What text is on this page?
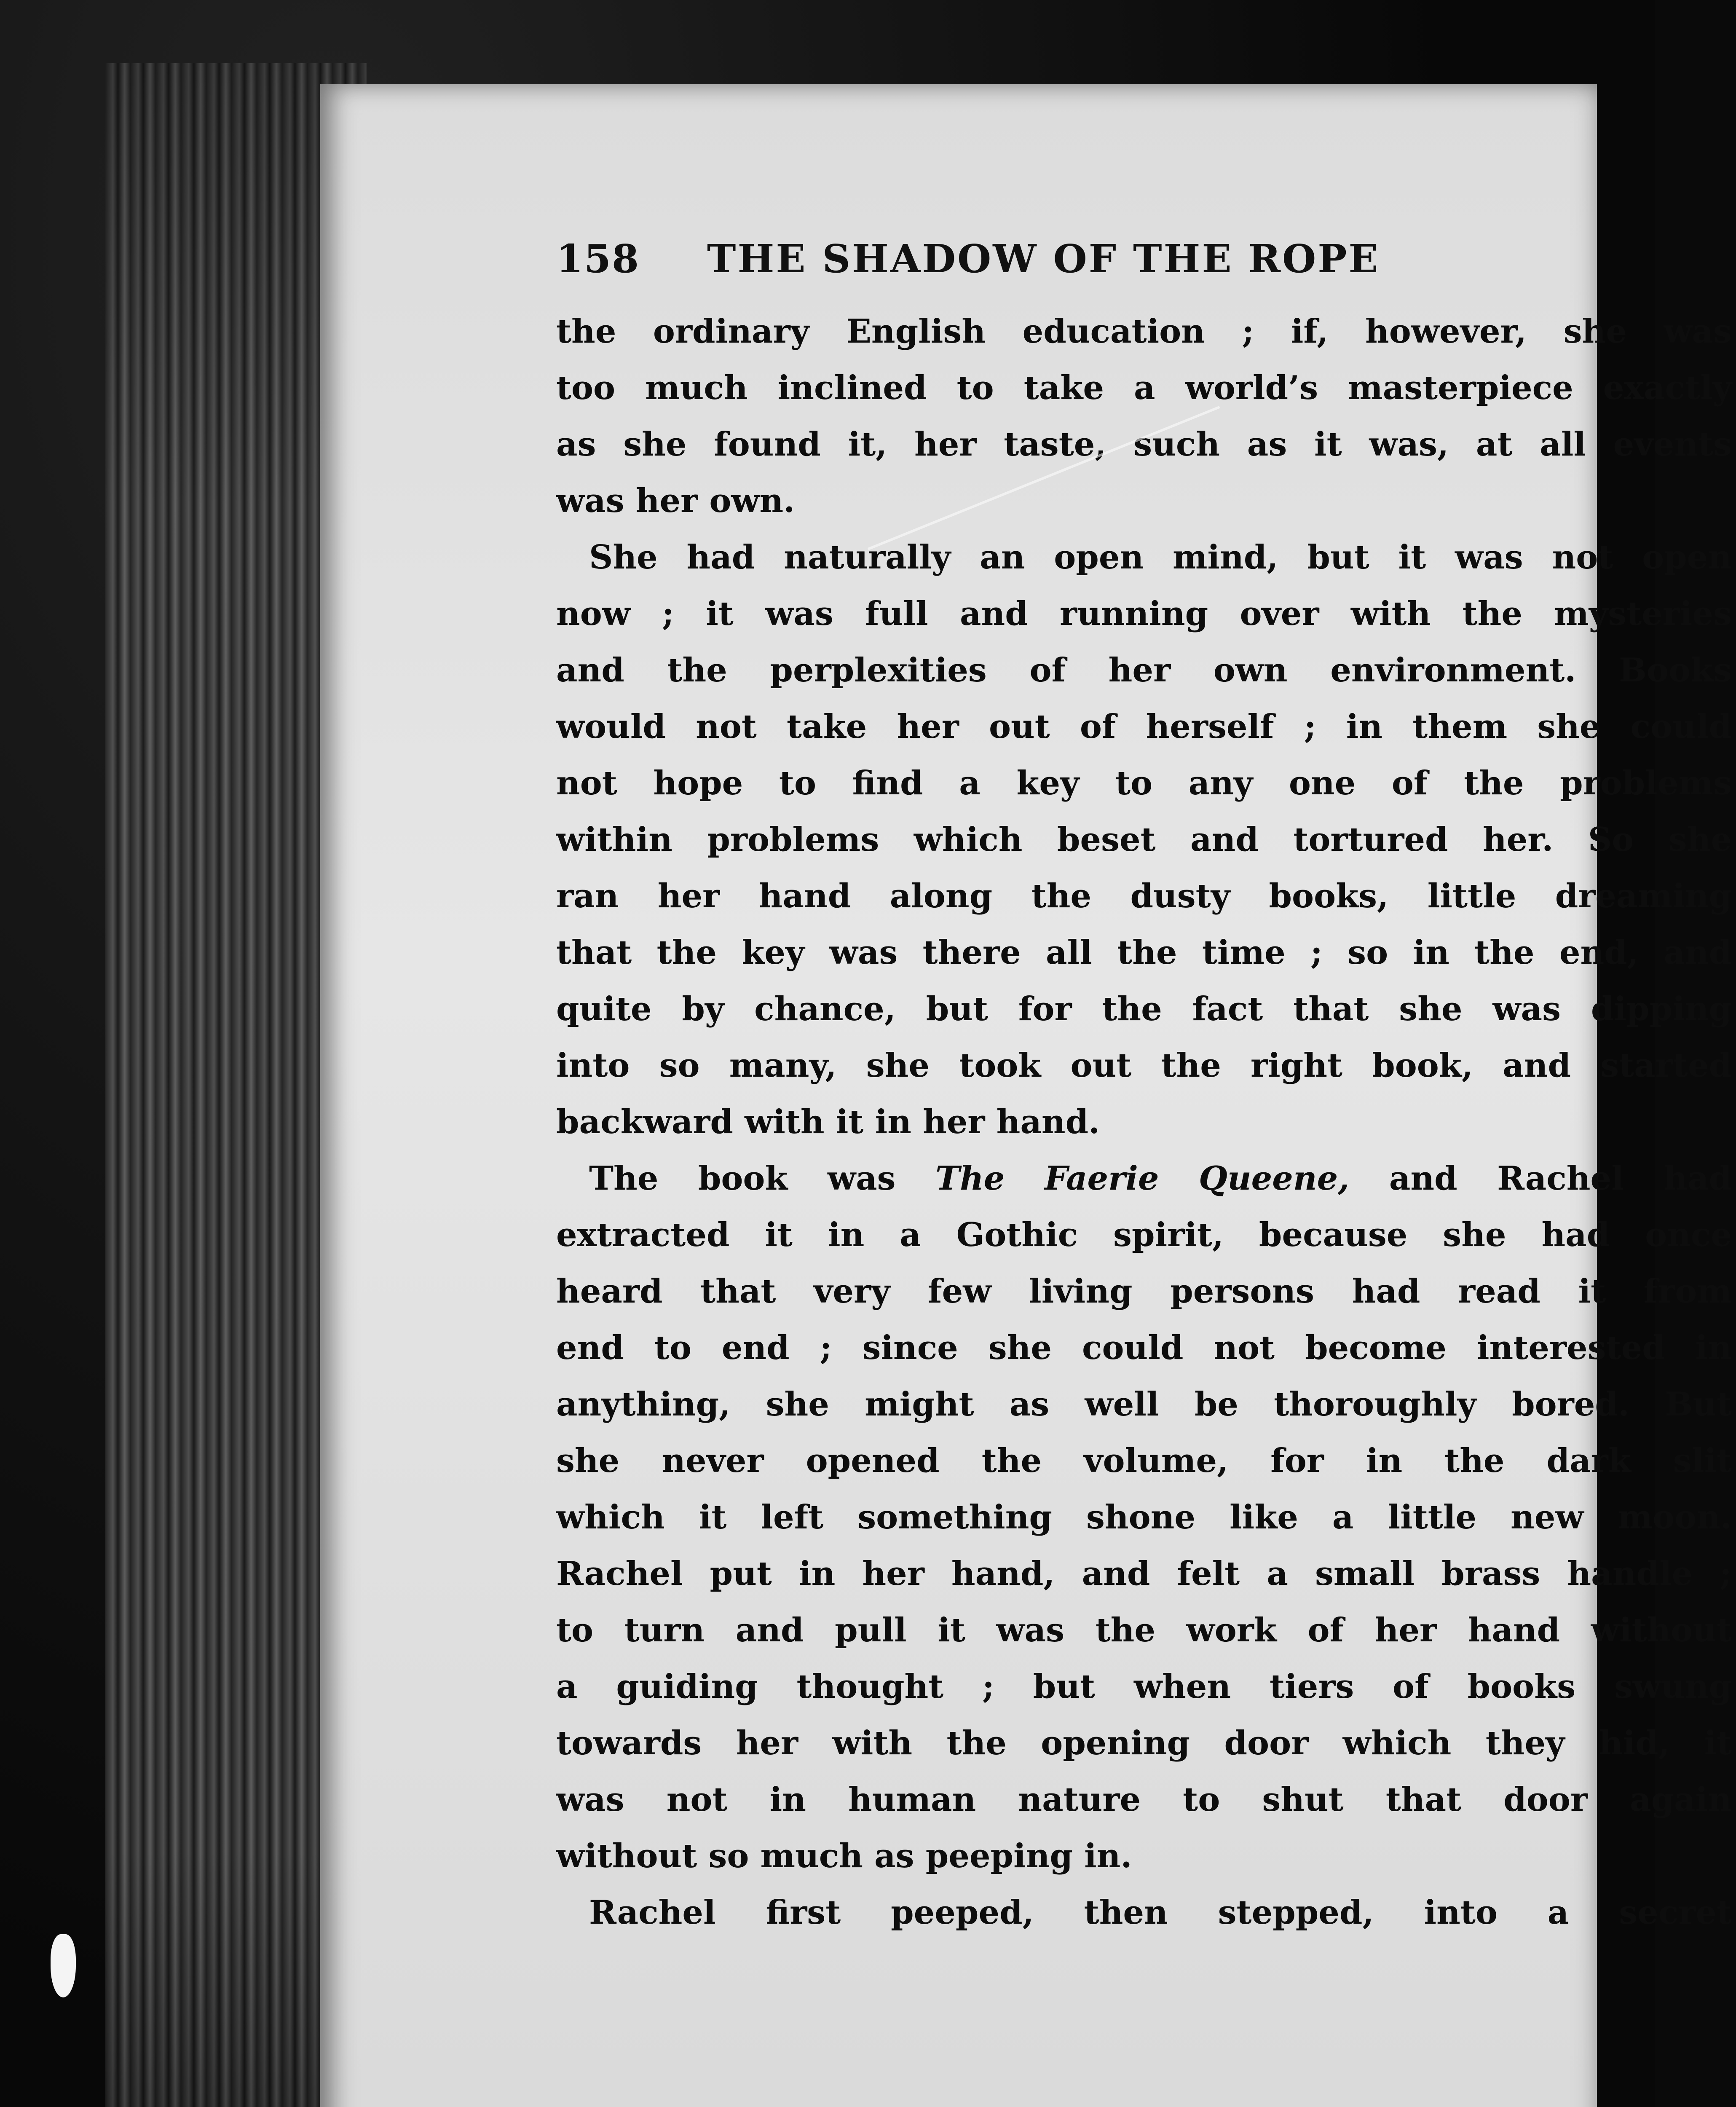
158 THE SHADOW OF THE ROPE
the ordinary English education ; if, however, she was
too much inclined to take a world’s masterpiece exactly
as she found it, her taste, such as it was, at all events
was her own.
 She had naturally an open mind, but it was not open
now ; it was full and running over with the mysteries
and the perplexities of her own environment. Books
would not take her out of herself ; in them she could
not hope to find a key to any one of the problems
within problems which beset and tortured her. So she
ran her hand along the dusty books, little dreaming
that the key was there all the time ; so in the end, and
quite by chance, but for the fact that she was dipping
into so many, she took out the right book, and started
backward with it in her hand.
 The book was The Faerie Queene, and Rachel had
extracted it in a Gothic spirit, because she had once
heard that very few living persons had read it from
end to end ; since she could not become interested in
anything, she might as well be thoroughly bored. But
she never opened the volume, for in the dark slit
which it left something shone like a little new moon.
Rachel put in her hand, and felt a small brass handle ;
to turn and pull it was the work of her hand without
a guiding thought ; but when tiers of books swung
towards her with the opening door which they hid, it
was not in human nature to shut that door again
without so much as peeping in.
 Rachel first peeped, then stepped, into a secret
